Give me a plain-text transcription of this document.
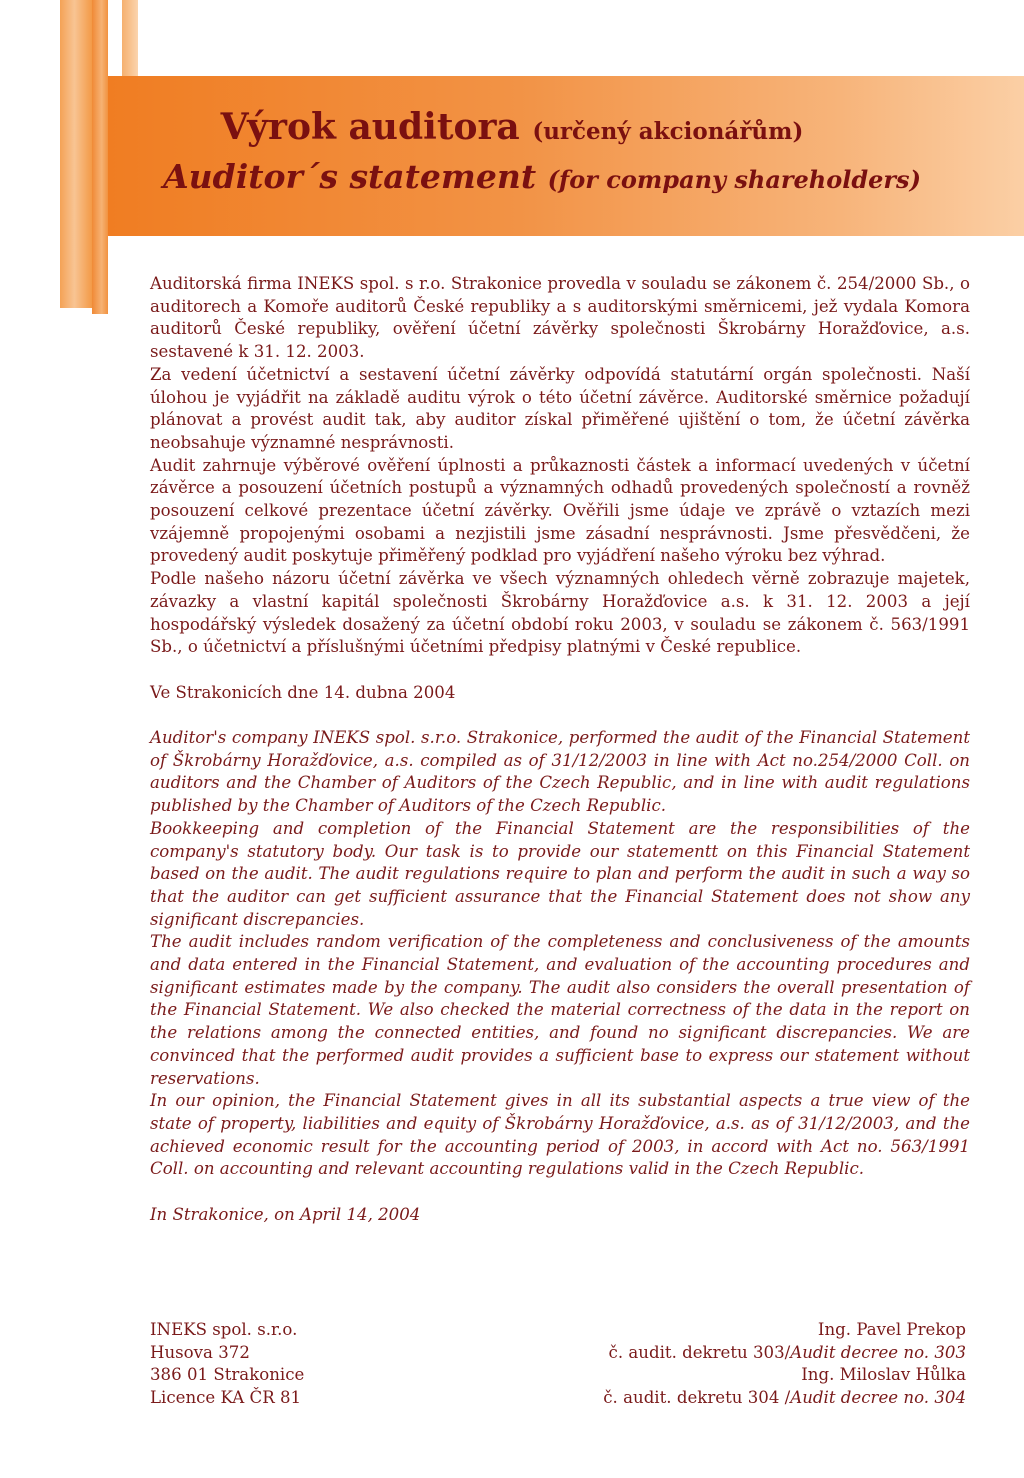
Výrok auditora (určený akcionářům)
Auditor´s statement (for company shareholders)

Auditorská firma INEKS spol. s r.o. Strakonice provedla v souladu se zákonem č. 254/2000 Sb., o auditorech a Komoře auditorů České republiky a s auditorskými směrnicemi, jež vydala Komora auditorů České republiky, ověření účetní závěrky společnosti Škrobárny Horažďovice, a.s. sestavené k 31. 12. 2003.

Za vedení účetnictví a sestavení účetní závěrky odpovídá statutární orgán společnosti. Naší úlohou je vyjádřit na základě auditu výrok o této účetní závěrce. Auditorské směrnice požadují plánovat a provést audit tak, aby auditor získal přiměřené ujištění o tom, že účetní závěrka neobsahuje významné nesprávnosti.

Audit zahrnuje výběrové ověření úplnosti a průkaznosti částek a informací uvedených v účetní závěrce a posouzení účetních postupů a významných odhadů provedených společností a rovněž posouzení celkové prezentace účetní závěrky. Ověřili jsme údaje ve zprávě o vztazích mezi vzájemně propojenými osobami a nezjistili jsme zásadní nesprávnosti. Jsme přesvědčeni, že provedený audit poskytuje přiměřený podklad pro vyjádření našeho výroku bez výhrad.

Podle našeho názoru účetní závěrka ve všech významných ohledech věrně zobrazuje majetek, závazky a vlastní kapitál společnosti Škrobárny Horažďovice a.s. k 31. 12. 2003 a její hospodářský výsledek dosažený za účetní období roku 2003, v souladu se zákonem č. 563/1991 Sb., o účetnictví a příslušnými účetními předpisy platnými v České republice.

Ve Strakonicích dne 14. dubna 2004

Auditor's company INEKS spol. s.r.o. Strakonice, performed the audit of the Financial Statement of Škrobárny Horažďovice, a.s. compiled as of 31/12/2003 in line with Act no.254/2000 Coll. on auditors and the Chamber of Auditors of the Czech Republic, and in line with audit regulations published by the Chamber of Auditors of the Czech Republic.

Bookkeeping and completion of the Financial Statement are the responsibilities of the company's statutory body. Our task is to provide our statementt on this Financial Statement based on the audit. The audit regulations require to plan and perform the audit in such a way so that the auditor can get sufficient assurance that the Financial Statement does not show any significant discrepancies.

The audit includes random verification of the completeness and conclusiveness of the amounts and data entered in the Financial Statement, and evaluation of the accounting procedures and significant estimates made by the company. The audit also considers the overall presentation of the Financial Statement. We also checked the material correctness of the data in the report on the relations among the connected entities, and found no significant discrepancies. We are convinced that the performed audit provides a sufficient base to express our statement without reservations.

In our opinion, the Financial Statement gives in all its substantial aspects a true view of the state of property, liabilities and equity of Škrobárny Horažďovice, a.s. as of 31/12/2003, and the achieved economic result for the accounting period of 2003, in accord with Act no. 563/1991 Coll. on accounting and relevant accounting regulations valid in the Czech Republic.

In Strakonice, on April 14, 2004

INEKS spol. s.r.o.	Ing. Pavel Prekop
Husova 372	č. audit. dekretu 303/Audit decree no. 303
386 01 Strakonice	Ing. Miloslav Hůlka
Licence KA ČR 81	č. audit. dekretu 304 /Audit decree no. 304
